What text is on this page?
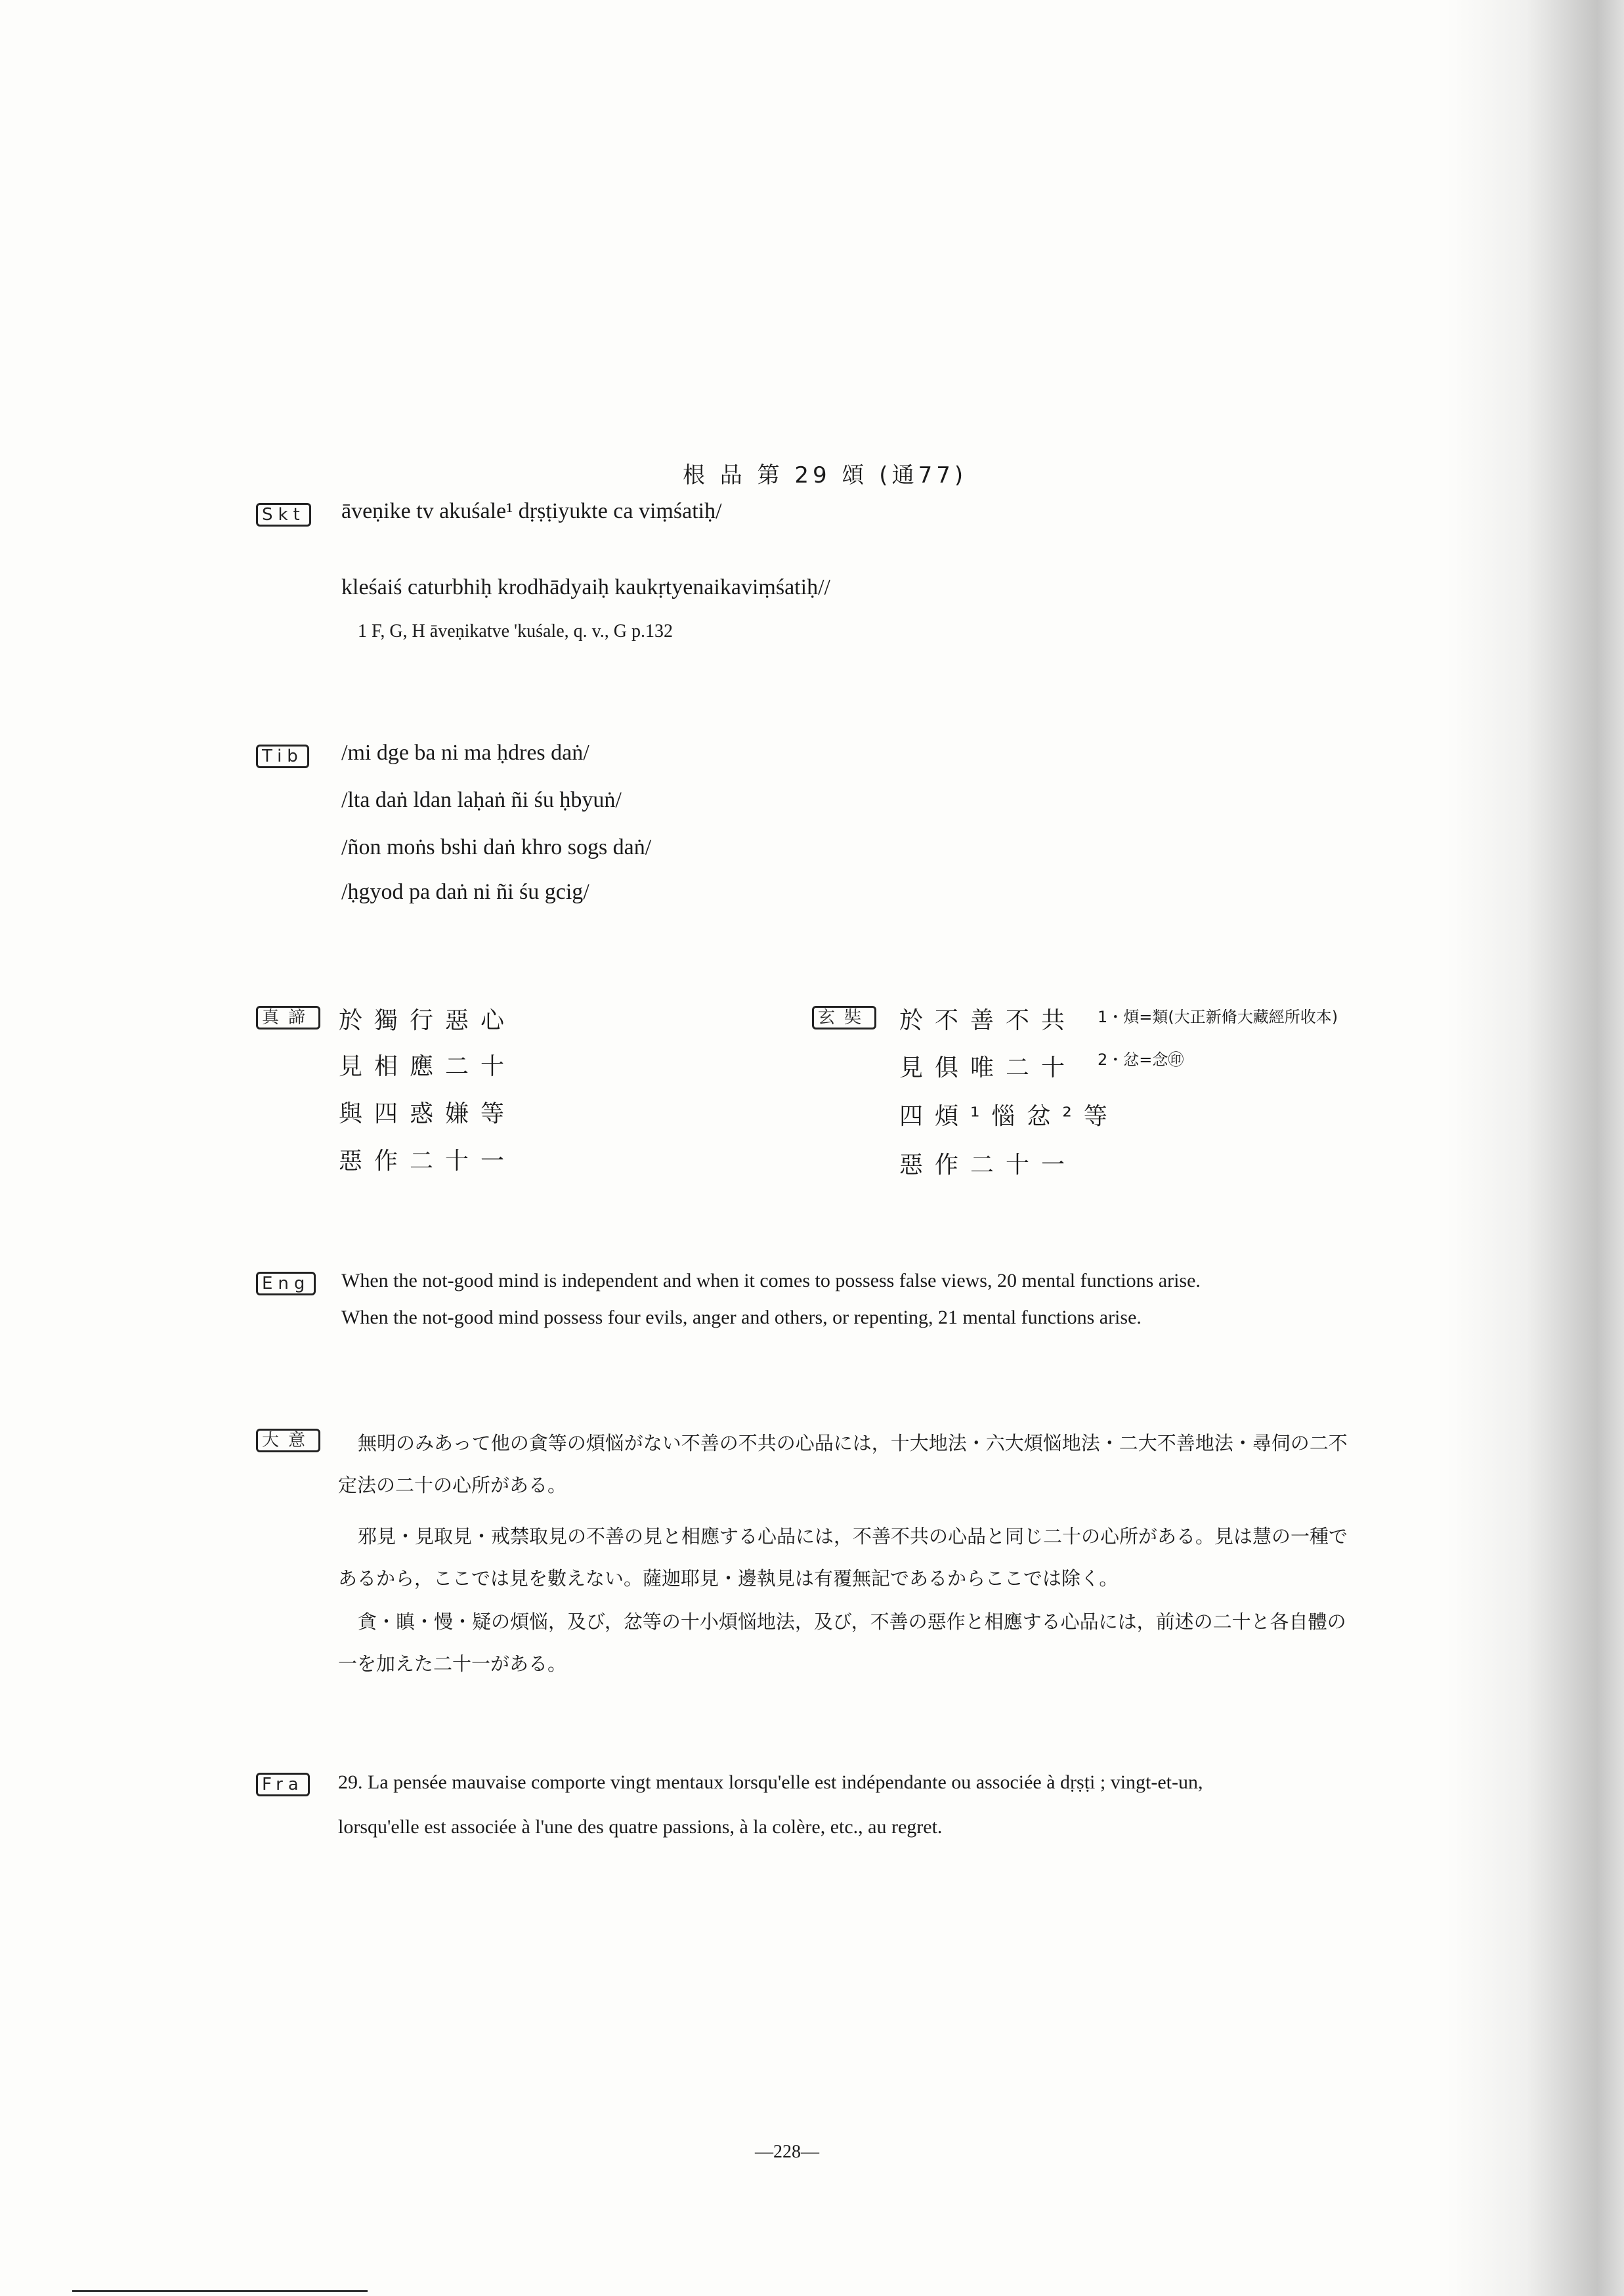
根 品 第 29 頌 (通77)
Skt āveṇike tv akuśale¹ dṛṣṭiyukte ca viṃśatiḥ/
kleśaiś caturbhiḥ krodhādyaiḥ kaukṛtyenaikaviṃśatiḥ//
1 F, G, H āveṇikatve 'kuśale, q. v., G p.132
Tib /mi dge ba ni ma ḥdres daṅ/
/lta daṅ ldan laḥaṅ ñi śu ḥbyuṅ/
/ñon moṅs bshi daṅ khro sogs daṅ/
/ḥgyod pa daṅ ni ñi śu gcig/
真諦 於獨行惡心
見相應二十
與四惑嫌等
惡作二十一
玄奘 於不善不共
見俱唯二十
四煩¹惱忿²等
惡作二十一
1・煩=類(大正新脩大藏經所收本)
2・忿=念㊞
Eng	When the not-good mind is independent and when it comes to possess false views, 20 mental functions arise.
When the not-good mind possess four evils, anger and others, or repenting, 21 mental functions arise.
大意	無明のみあって他の貪等の煩悩がない不善の不共の心品には，十大地法・六大煩悩地法・二大不善地法・尋伺の二不
定法の二十の心所がある。
邪見・見取見・戒禁取見の不善の見と相應する心品には，不善不共の心品と同じ二十の心所がある。見は慧の一種で
あるから，ここでは見を數えない。薩迦耶見・邊執見は有覆無記であるからここでは除く。
貪・瞋・慢・疑の煩悩，及び，忿等の十小煩悩地法，及び，不善の惡作と相應する心品には，前述の二十と各自體の
一を加えた二十一がある。
Fra	29. La pensée mauvaise comporte vingt mentaux lorsqu'elle est indépendante ou associée à dṛṣṭi ; vingt-et-un,
lorsqu'elle est associée à l'une des quatre passions, à la colère, etc., au regret.
—228—
